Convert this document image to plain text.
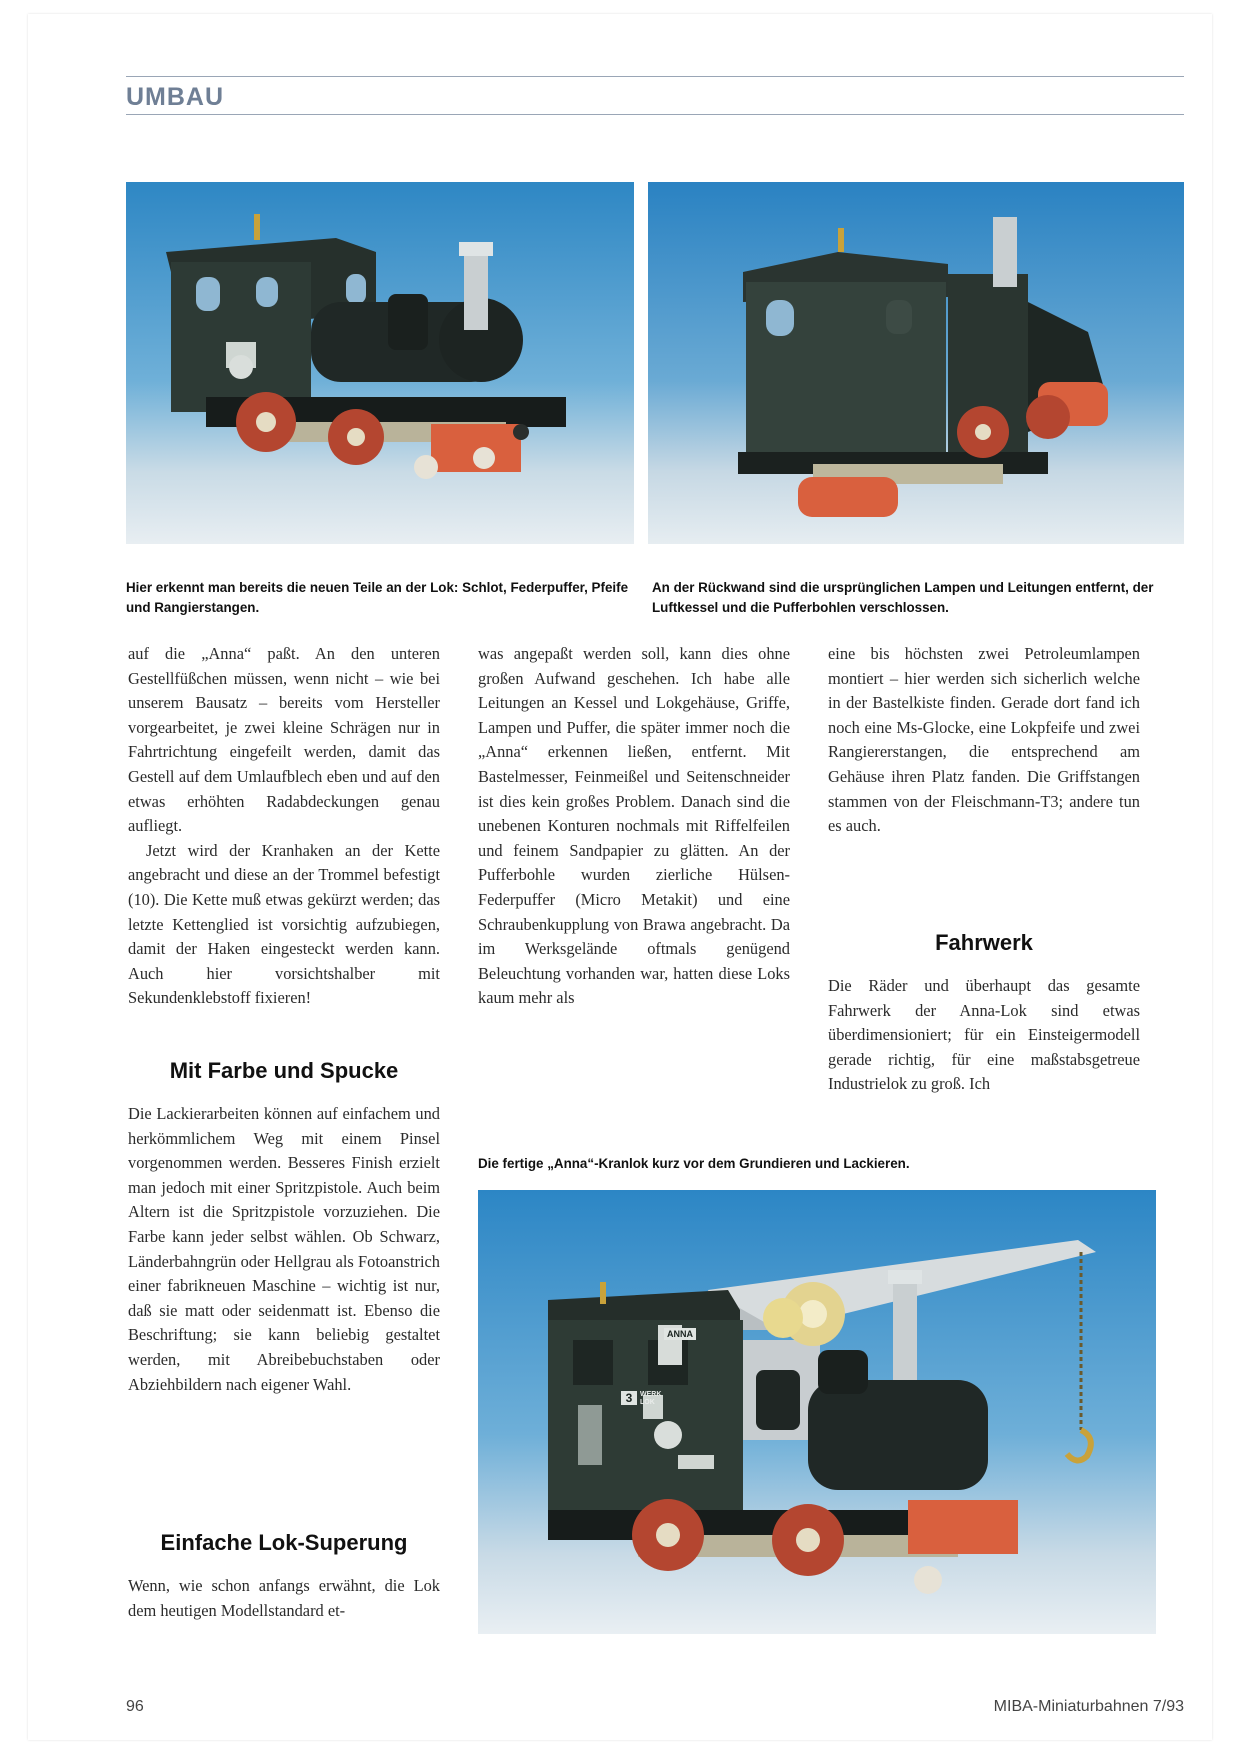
UMBAU
Hier erkennt man bereits die neuen Teile an der Lok: Schlot, Federpuffer, Pfeife und Rangierstangen.
An der Rückwand sind die ursprünglichen Lampen und Leitungen entfernt, der Luftkessel und die Pufferbohlen verschlossen.

auf die „Anna“ paßt. An den unteren Gestellfüßchen müssen, wenn nicht – wie bei unserem Bausatz – bereits vom Hersteller vorgearbeitet, je zwei kleine Schrägen nur in Fahrtrichtung eingefeilt werden, damit das Gestell auf dem Umlaufblech eben und auf den etwas erhöhten Radabdeckungen genau aufliegt.

Jetzt wird der Kranhaken an der Kette angebracht und diese an der Trommel befestigt (10). Die Kette muß etwas gekürzt werden; das letzte Kettenglied ist vorsichtig aufzubiegen, damit der Haken eingesteckt werden kann. Auch hier vorsichtshalber mit Sekundenklebstoff fixieren!

Mit Farbe und Spucke

Die Lackierarbeiten können auf einfachem und herkömmlichem Weg mit einem Pinsel vorgenommen werden. Besseres Finish erzielt man jedoch mit einer Spritzpistole. Auch beim Altern ist die Spritzpistole vorzuziehen. Die Farbe kann jeder selbst wählen. Ob Schwarz, Länderbahngrün oder Hellgrau als Fotoanstrich einer fabrikneuen Maschine – wichtig ist nur, daß sie matt oder seidenmatt ist. Ebenso die Beschriftung; sie kann beliebig gestaltet werden, mit Abreibebuchstaben oder Abziehbildern nach eigener Wahl.

Einfache Lok-Superung

Wenn, wie schon anfangs erwähnt, die Lok dem heutigen Modellstandard et-

was angepaßt werden soll, kann dies ohne großen Aufwand geschehen. Ich habe alle Leitungen an Kessel und Lokgehäuse, Griffe, Lampen und Puffer, die später immer noch die „Anna“ erkennen ließen, entfernt. Mit Bastelmesser, Feinmeißel und Seitenschneider ist dies kein großes Problem. Danach sind die unebenen Konturen nochmals mit Riffelfeilen und feinem Sandpapier zu glätten. An der Pufferbohle wurden zierliche Hülsen-Federpuffer (Micro Metakit) und eine Schraubenkupplung von Brawa angebracht. Da im Werksgelände oftmals genügend Beleuchtung vorhanden war, hatten diese Loks kaum mehr als

eine bis höchsten zwei Petroleumlampen montiert – hier werden sich sicherlich welche in der Bastelkiste finden. Gerade dort fand ich noch eine Ms-Glocke, eine Lokpfeife und zwei Rangiererstangen, die entsprechend am Gehäuse ihren Platz fanden. Die Griffstangen stammen von der Fleischmann-T3; andere tun es auch.

Fahrwerk

Die Räder und überhaupt das gesamte Fahrwerk der Anna-Lok sind etwas überdimensioniert; für ein Einsteigermodell gerade richtig, für eine maßstabsgetreue Industrielok zu groß. Ich

Die fertige „Anna“-Kranlok kurz vor dem Grundieren und Lackieren.
ANNA
3	WERK LOK
96	MIBA-Miniaturbahnen 7/93
